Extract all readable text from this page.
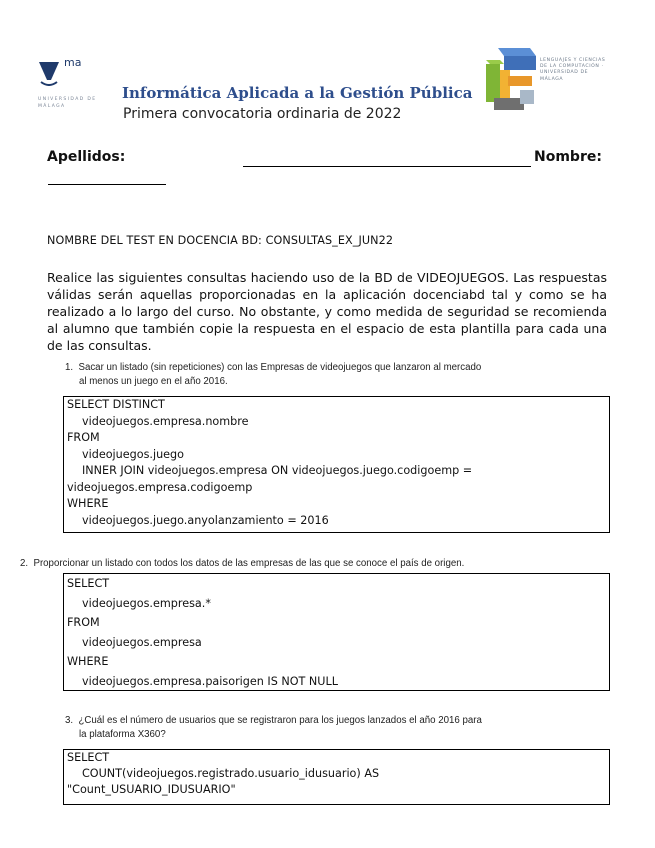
ma
UNIVERSIDAD DE MÁLAGA
Informática Aplicada a la Gestión Pública
Primera convocatoria ordinaria de 2022
LENGUAJES Y CIENCIAS DE LA COMPUTACIÓN · UNIVERSIDAD DE MÁLAGA
Apellidos:	Nombre:
NOMBRE DEL TEST EN DOCENCIA BD: CONSULTAS_EX_JUN22
Realice las siguientes consultas haciendo uso de la BD de VIDEOJUEGOS. Las respuestas válidas serán aquellas proporcionadas en la aplicación docenciabd tal y como se ha realizado a lo largo del curso. No obstante, y como medida de seguridad se recomienda al alumno que también copie la respuesta en el espacio de esta plantilla para cada una de las consultas.
1. Sacar un listado (sin repeticiones) con las Empresas de videojuegos que lanzaron al mercado
al menos un juego en el año 2016.
SELECT DISTINCT
videojuegos.empresa.nombre
FROM
videojuegos.juego
INNER JOIN videojuegos.empresa ON videojuegos.juego.codigoemp =
videojuegos.empresa.codigoemp
WHERE
videojuegos.juego.anyolanzamiento = 2016
2. Proporcionar un listado con todos los datos de las empresas de las que se conoce el país de origen.
SELECT
videojuegos.empresa.*
FROM
videojuegos.empresa
WHERE
videojuegos.empresa.paisorigen IS NOT NULL
3. ¿Cuál es el número de usuarios que se registraron para los juegos lanzados el año 2016 para
la plataforma X360?
SELECT
COUNT(videojuegos.registrado.usuario_idusuario) AS
"Count_USUARIO_IDUSUARIO"
